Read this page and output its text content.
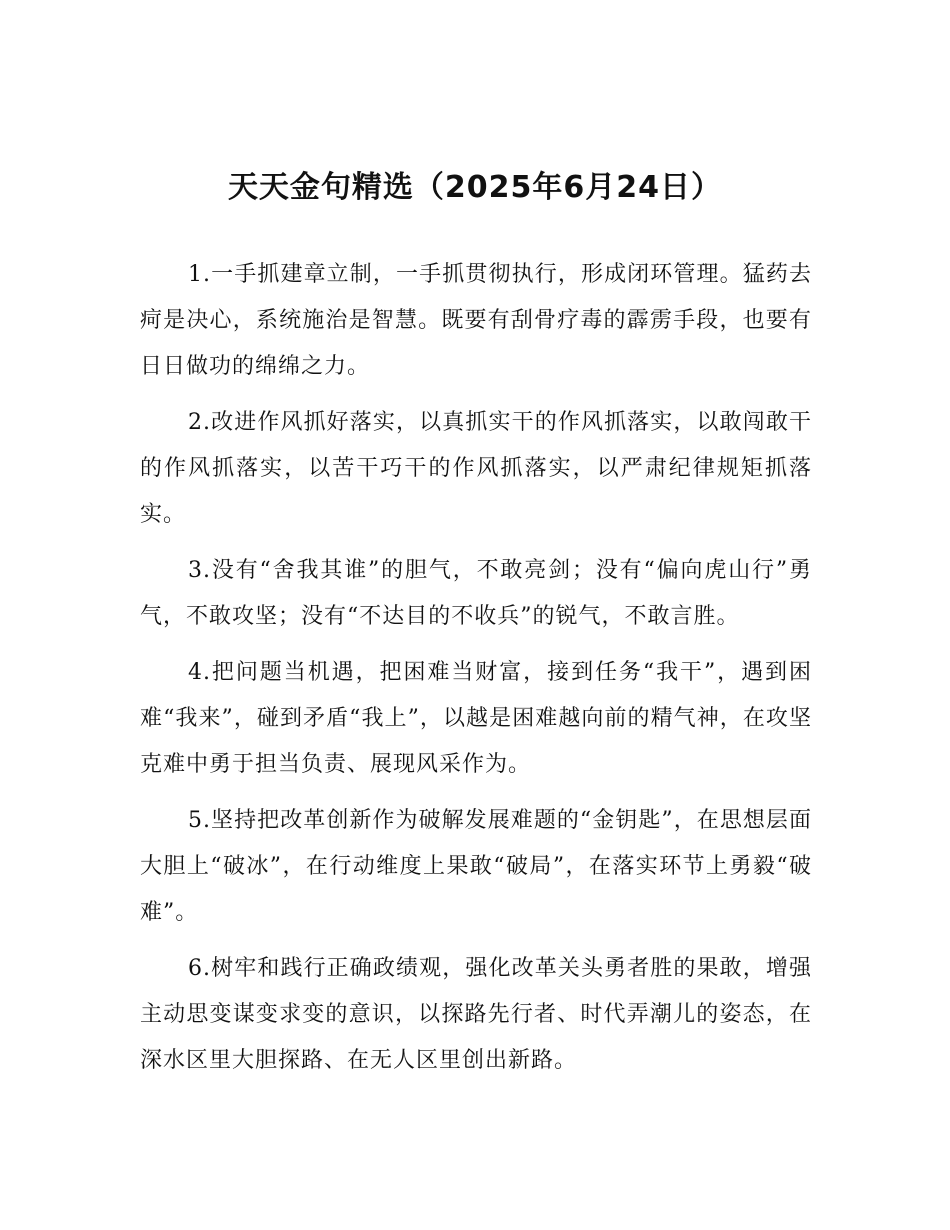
天天金句精选（2025年6月24日）

1.一手抓建章立制，一手抓贯彻执行，形成闭环管理。猛药去疴是决心，系统施治是智慧。既要有刮骨疗毒的霹雳手段，也要有日日做功的绵绵之力。

2.改进作风抓好落实，以真抓实干的作风抓落实，以敢闯敢干的作风抓落实，以苦干巧干的作风抓落实，以严肃纪律规矩抓落实。

3.没有“舍我其谁”的胆气，不敢亮剑；没有“偏向虎山行”勇气，不敢攻坚；没有“不达目的不收兵”的锐气，不敢言胜。

4.把问题当机遇，把困难当财富，接到任务“我干”，遇到困难“我来”，碰到矛盾“我上”，以越是困难越向前的精气神，在攻坚克难中勇于担当负责、展现风采作为。

5.坚持把改革创新作为破解发展难题的“金钥匙”，在思想层面大胆上“破冰”，在行动维度上果敢“破局”，在落实环节上勇毅“破难”。

6.树牢和践行正确政绩观，强化改革关头勇者胜的果敢，增强主动思变谋变求变的意识，以探路先行者、时代弄潮儿的姿态，在深水区里大胆探路、在无人区里创出新路。
